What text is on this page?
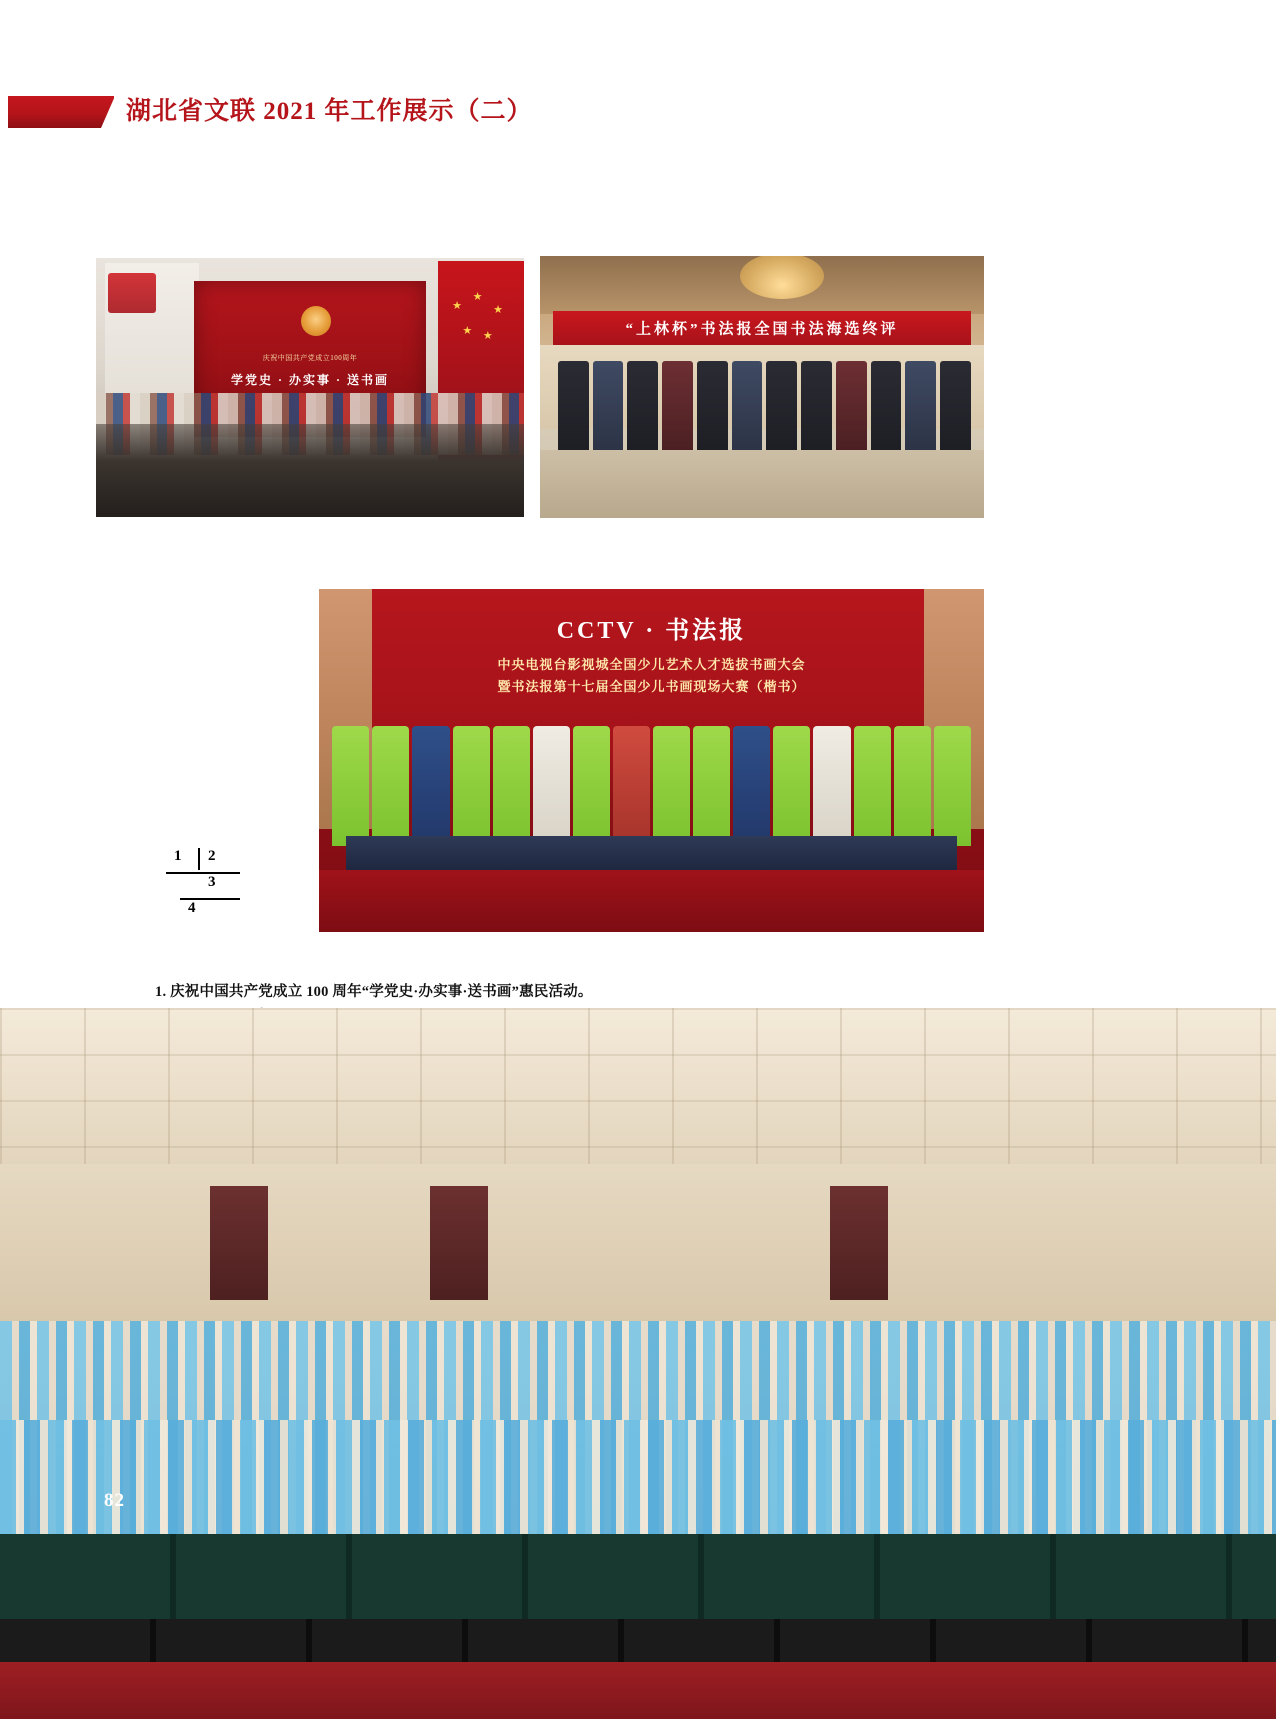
湖北省文联 2021 年工作展示（二）
★
★
★
★ ★
庆祝中国共产党成立100周年
学党史 · 办实事 · 送书画
“上林杯”书法报全国书法海选终评
CCTV · 书法报
中央电视台影视城全国少儿艺术人才选拔书画大会
暨书法报第十七届全国少儿书画现场大赛（楷书）
1 2
3
4
1. 庆祝中国共产党成立 100 周年“学党史·办实事·送书画”惠民活动。
82
